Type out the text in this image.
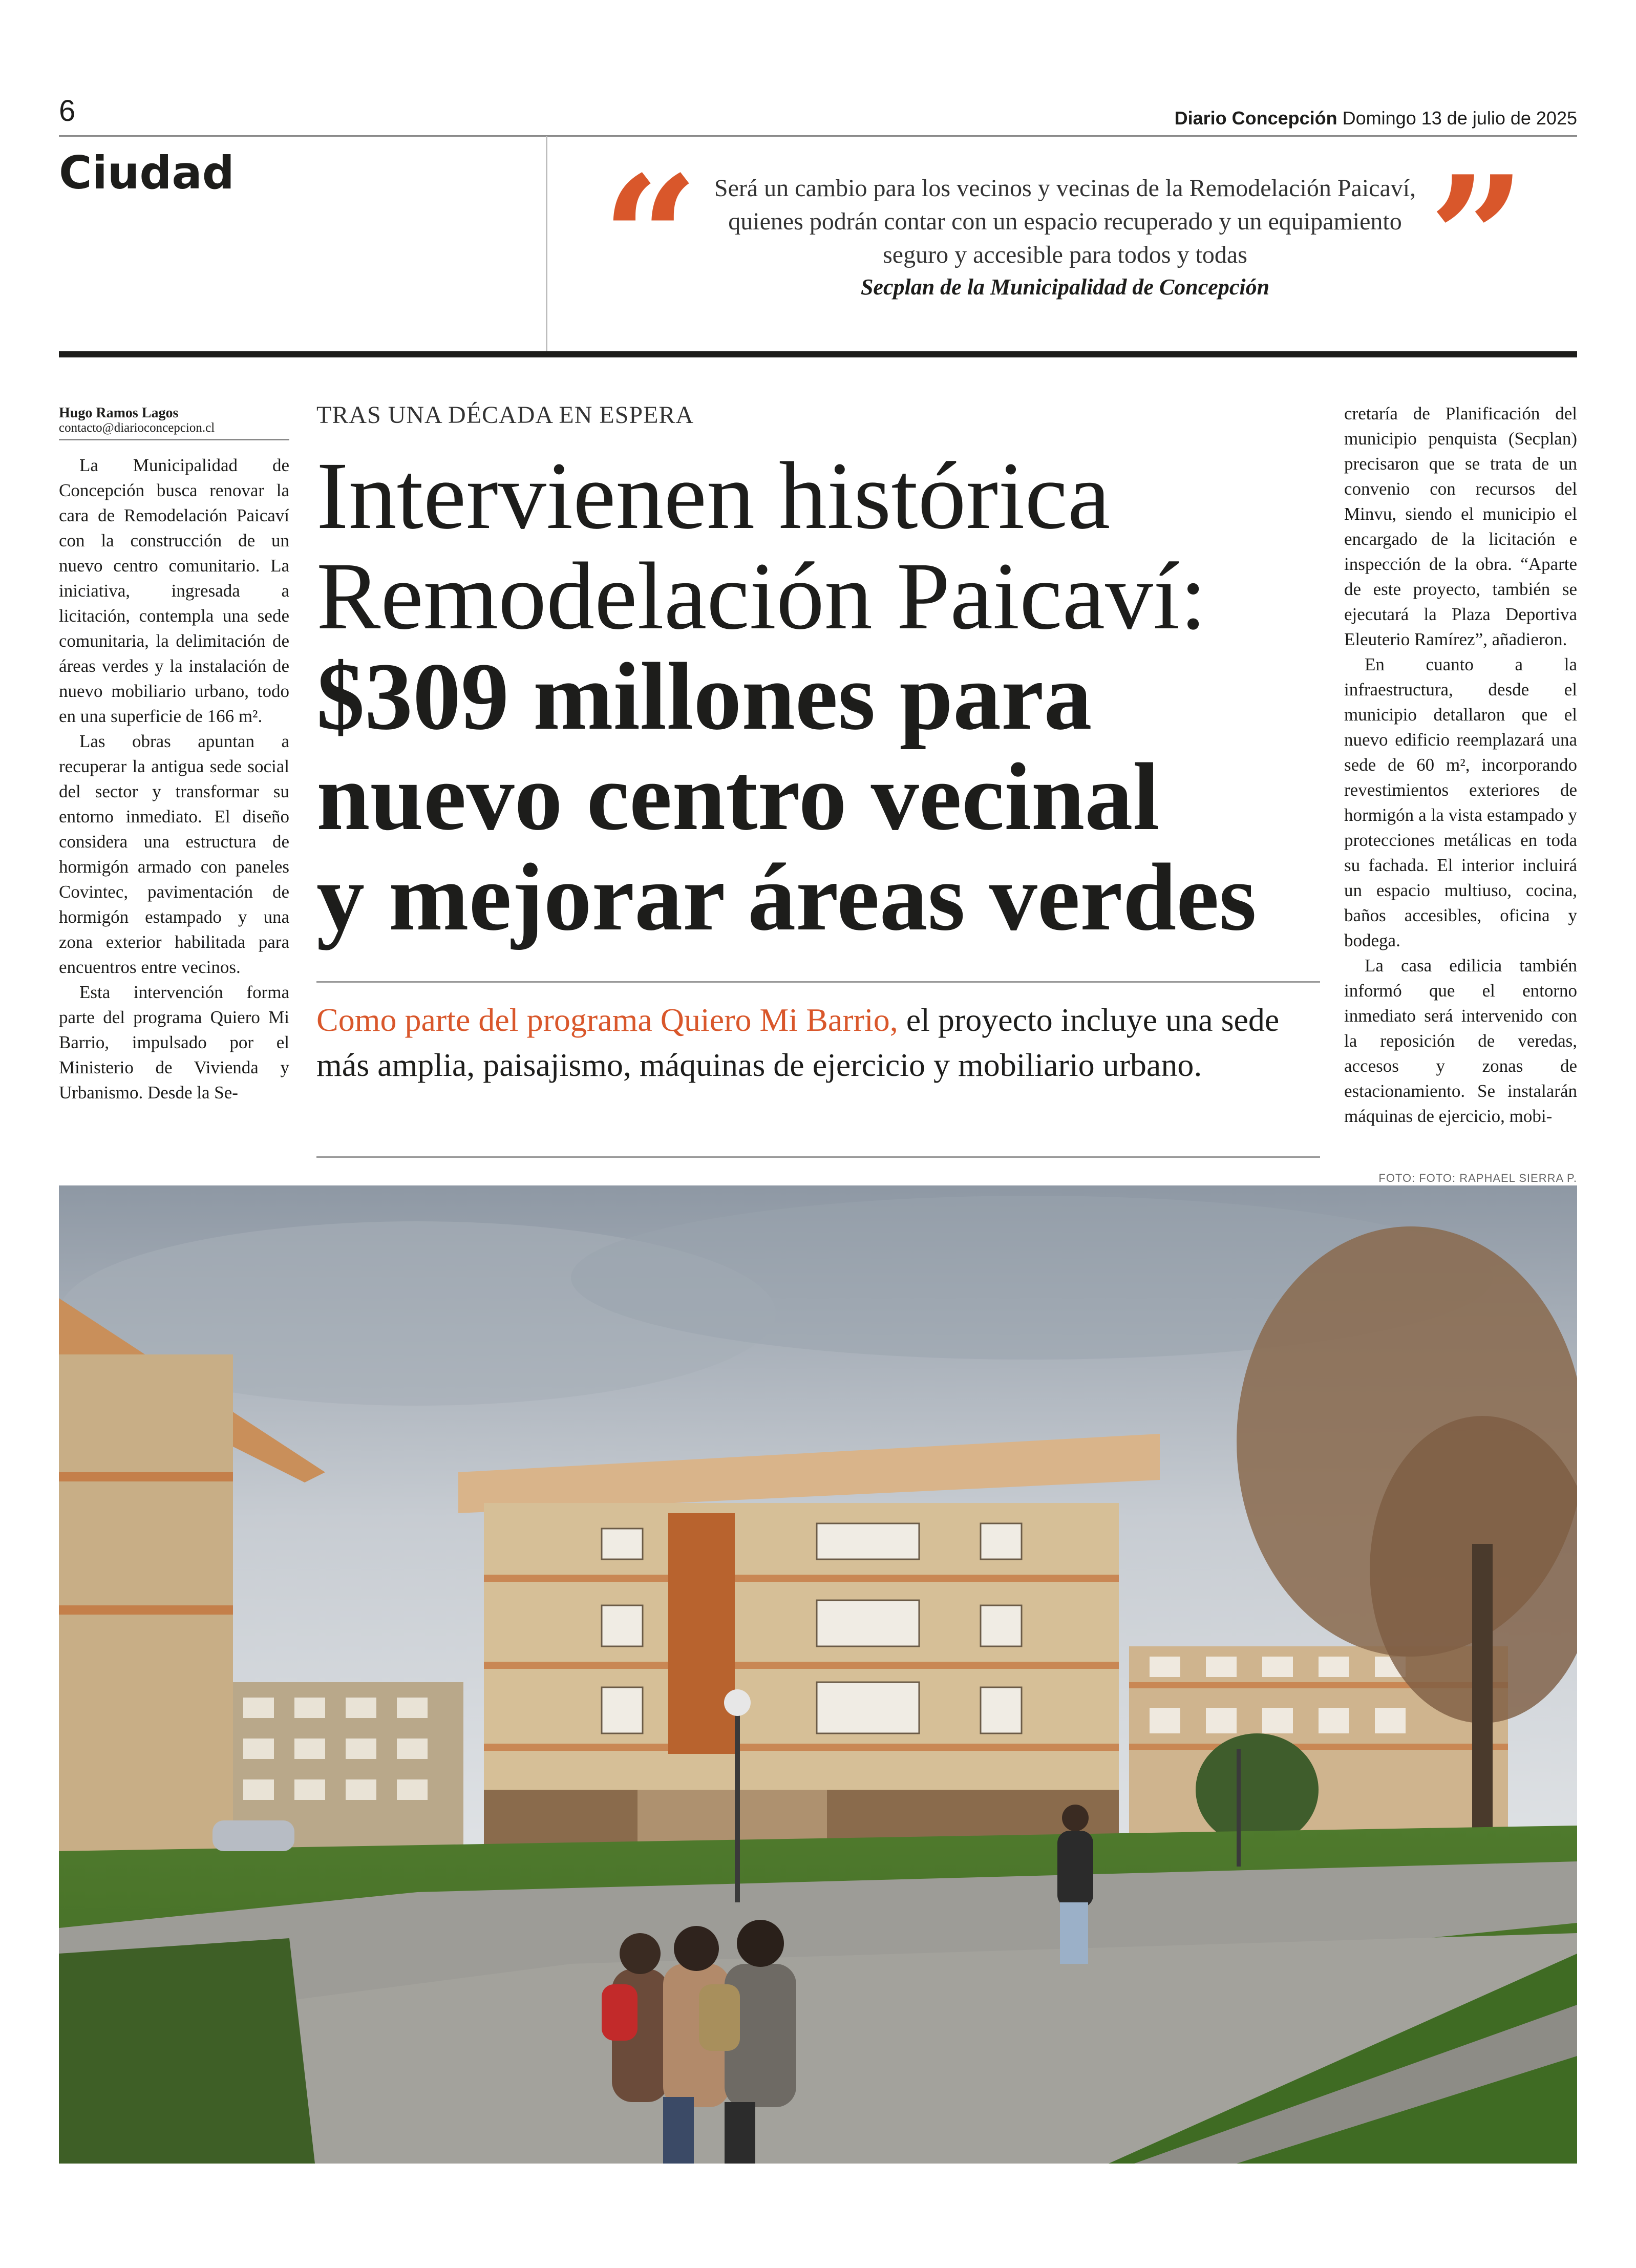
6	Diario Concepción Domingo 13 de julio de 2025
Ciudad “ Será un cambio para los vecinos y vecinas de la Remodelación Paicaví, quienes podrán contar con un espacio recuperado y un equipamiento seguro y accesible para todos y todas	”
Secplan de la Municipalidad de Concepción
Hugo Ramos Lagos
contacto@diarioconcepcion.cl

La Municipalidad de Concepción busca renovar la cara de Remodelación Paicaví con la construcción de un nuevo centro comunitario. La iniciativa, ingresada a licitación, contempla una sede comunitaria, la delimitación de áreas verdes y la instalación de nuevo mobiliario urbano, todo en una superficie de 166 m².

Las obras apuntan a recuperar la antigua sede social del sector y transformar su entorno inmediato. El diseño considera una estructura de hormigón armado con paneles Covintec, pavimentación de hormigón estampado y una zona exterior habilitada para encuentros entre vecinos.

Esta intervención forma parte del programa Quiero Mi Barrio, impulsado por el Ministerio de Vivienda y Urbanismo. Desde la Se-

TRAS UNA DÉCADA EN ESPERA
Intervienen histórica
Remodelación Paicaví:
$309 millones para
nuevo centro vecinal
y mejorar áreas verdes
Como parte del programa Quiero Mi Barrio, el proyecto incluye una sede más amplia, paisajismo, máquinas de ejercicio y mobiliario urbano.

cretaría de Planificación del municipio penquista (Secplan) precisaron que se trata de un convenio con recursos del Minvu, siendo el municipio el encargado de la licitación e inspección de la obra. “Aparte de este proyecto, también se ejecutará la Plaza Deportiva Eleuterio Ramírez”, añadieron.

En cuanto a la infraestructura, desde el municipio detallaron que el nuevo edificio reemplazará una sede de 60 m², incorporando revestimientos exteriores de hormigón a la vista estampado y protecciones metálicas en toda su fachada. El interior incluirá un espacio multiuso, cocina, baños accesibles, oficina y bodega.

La casa edilicia también informó que el entorno inmediato será intervenido con la reposición de veredas, accesos y zonas de estacionamiento. Se instalarán máquinas de ejercicio, mobi-

FOTO: FOTO: RAPHAEL SIERRA P.
